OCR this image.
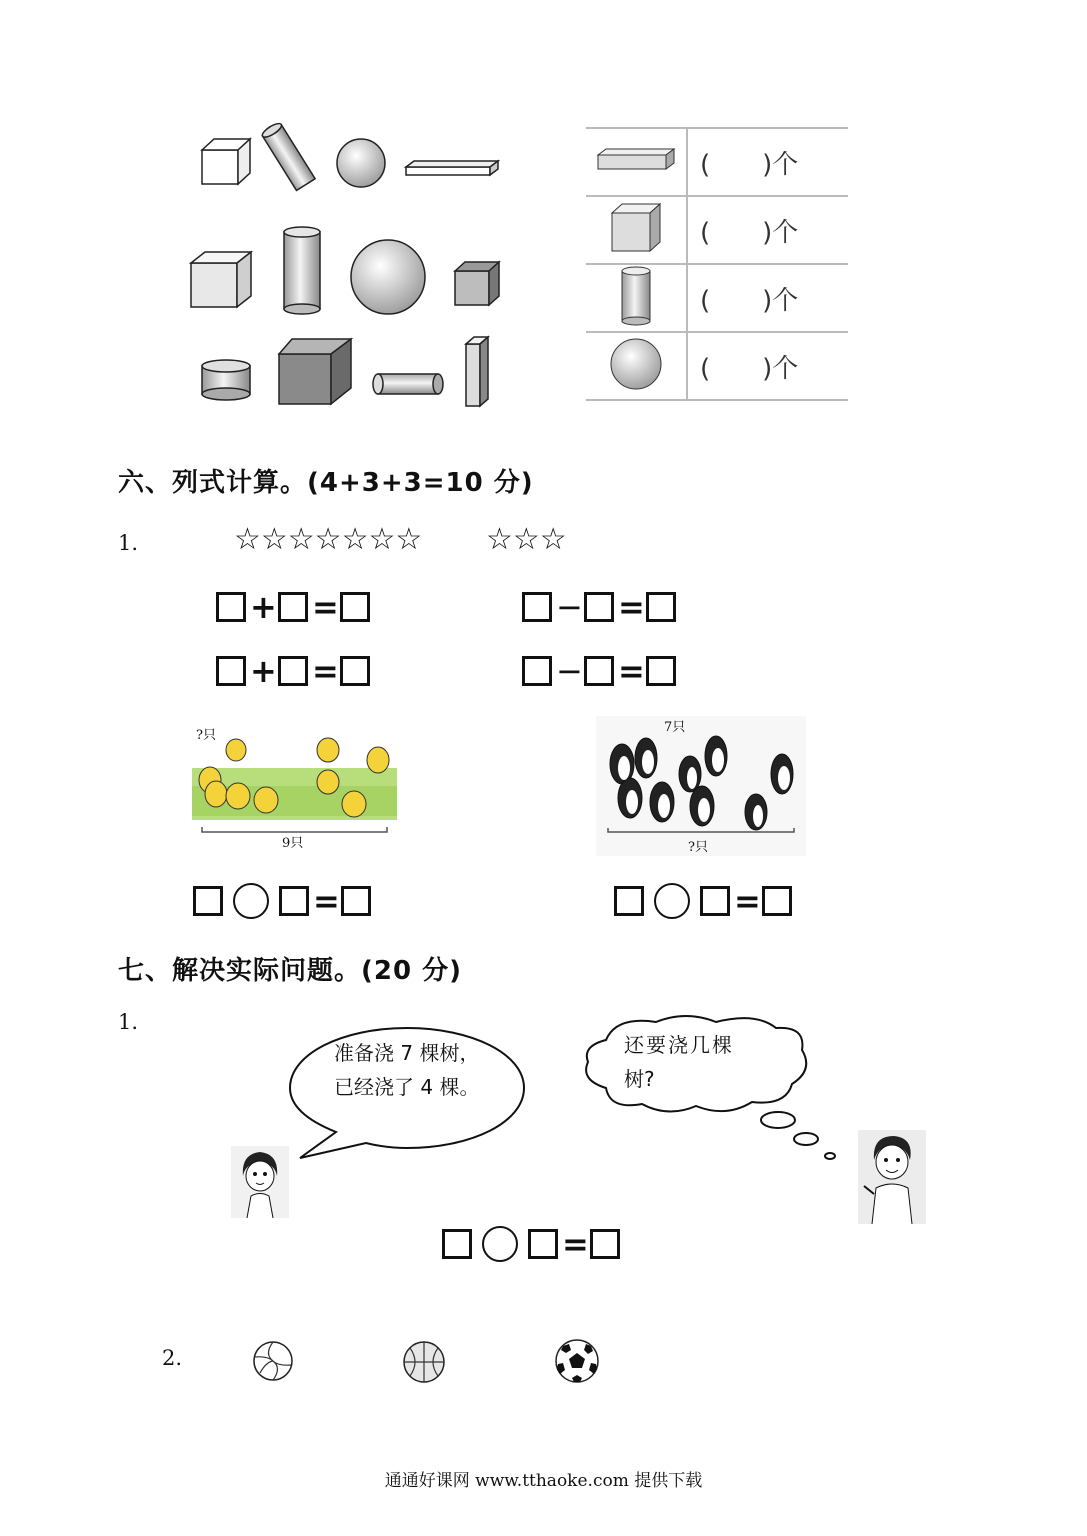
	(　　)个
	(　　)个
	(　　)个
	(　　)个
六、列式计算。(4+3+3=10 分)
1.	☆☆☆☆☆☆☆ ☆☆☆
+ =	− =
+ =	− =
?只
9只
7只
?只
=	=
七、解决实际问题。(20 分)
1.
准备浇 7 棵树，
已经浇了 4 棵。
还要浇几棵
树?
=
2.
通通好课网 www.tthaoke.com 提供下载
